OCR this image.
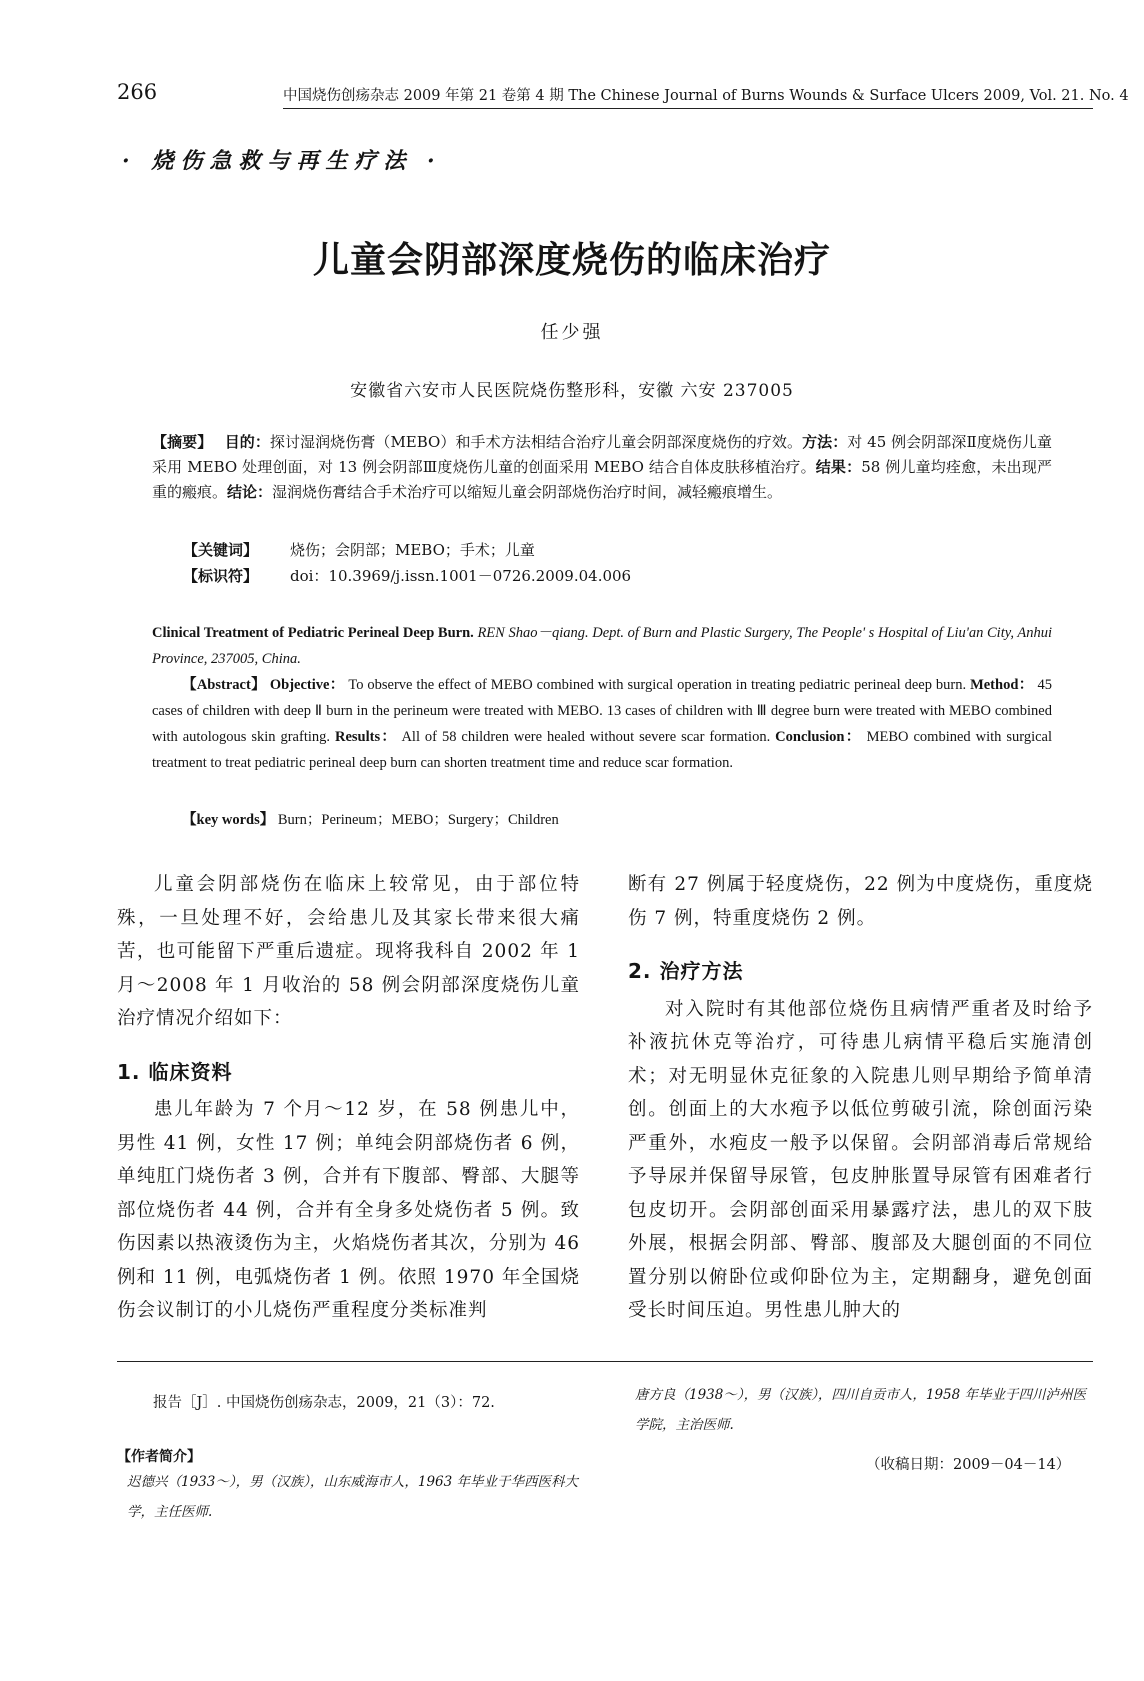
266	中国烧伤创疡杂志 2009 年第 21 卷第 4 期 The Chinese Journal of Burns Wounds & Surface Ulcers 2009, Vol. 21. No. 4
· 烧伤急救与再生疗法 ·
儿童会阴部深度烧伤的临床治疗
任少强
安徽省六安市人民医院烧伤整形科，安徽 六安 237005
【摘要】　 目的：探讨湿润烧伤膏（MEBO）和手术方法相结合治疗儿童会阴部深度烧伤的疗效。方法：对 45 例会阴部深Ⅱ度烧伤儿童采用 MEBO 处理创面，对 13 例会阴部Ⅲ度烧伤儿童的创面采用 MEBO 结合自体皮肤移植治疗。结果：58 例儿童均痊愈，未出现严重的瘢痕。结论：湿润烧伤膏结合手术治疗可以缩短儿童会阴部烧伤治疗时间，减轻瘢痕增生。
【关键词】 烧伤；会阴部；MEBO；手术；儿童
【标识符】 doi：10.3969/j.issn.1001－0726.2009.04.006
Clinical Treatment of Pediatric Perineal Deep Burn. REN Shao－qiang. Dept. of Burn and Plastic Surgery, The People' s Hospital of Liu'an City, Anhui Province, 237005, China.
【Abstract】 Objective： To observe the effect of MEBO combined with surgical operation in treating pediatric perineal deep burn. Method： 45 cases of children with deep Ⅱ burn in the perineum were treated with MEBO. 13 cases of children with Ⅲ degree burn were treated with MEBO combined with autologous skin grafting. Results： All of 58 children were healed without severe scar formation. Conclusion： MEBO combined with surgical treatment to treat pediatric perineal deep burn can shorten treatment time and reduce scar formation.
【key words】 Burn；Perineum；MEBO；Surgery；Children
儿童会阴部烧伤在临床上较常见，由于部位特殊，一旦处理不好，会给患儿及其家长带来很大痛苦，也可能留下严重后遗症。现将我科自 2002 年 1 月～2008 年 1 月收治的 58 例会阴部深度烧伤儿童治疗情况介绍如下：
1. 临床资料
患儿年龄为 7 个月～12 岁，在 58 例患儿中，男性 41 例，女性 17 例；单纯会阴部烧伤者 6 例，单纯肛门烧伤者 3 例，合并有下腹部、臀部、大腿等部位烧伤者 44 例，合并有全身多处烧伤者 5 例。致伤因素以热液烫伤为主，火焰烧伤者其次，分别为 46 例和 11 例，电弧烧伤者 1 例。依照 1970 年全国烧伤会议制订的小儿烧伤严重程度分类标准判
断有 27 例属于轻度烧伤，22 例为中度烧伤，重度烧伤 7 例，特重度烧伤 2 例。
2. 治疗方法
对入院时有其他部位烧伤且病情严重者及时给予补液抗休克等治疗，可待患儿病情平稳后实施清创术；对无明显休克征象的入院患儿则早期给予简单清创。创面上的大水疱予以低位剪破引流，除创面污染严重外，水疱皮一般予以保留。会阴部消毒后常规给予导尿并保留导尿管，包皮肿胀置导尿管有困难者行包皮切开。会阴部创面采用暴露疗法，患儿的双下肢外展，根据会阴部、臀部、腹部及大腿创面的不同位置分别以俯卧位或仰卧位为主，定期翻身，避免创面受长时间压迫。男性患儿肿大的
报告［J］. 中国烧伤创疡杂志，2009，21（3）：72.
【作者简介】
迟德兴（1933～），男（汉族），山东威海市人，1963 年毕业于华西医科大学，主任医师.
唐方良（1938～），男（汉族），四川自贡市人，1958 年毕业于四川泸州医学院，主治医师.
（收稿日期：2009－04－14）
